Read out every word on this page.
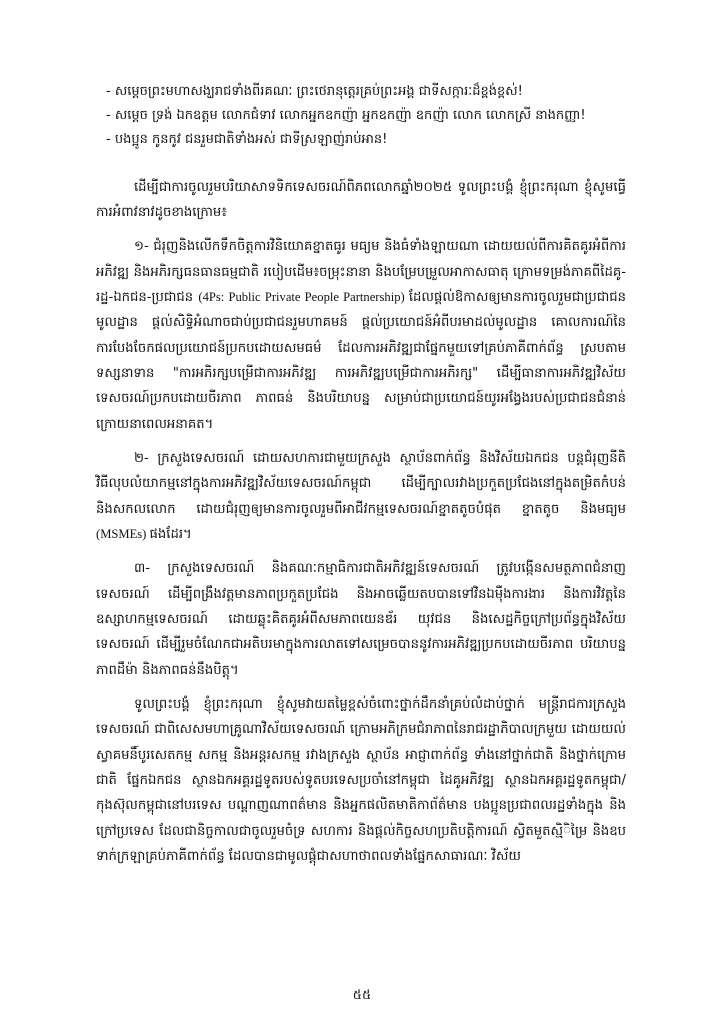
- សម្ដេចព្រះមហាសង្ឃរាជទាំងពីរគណៈ ព្រះថេរានុត្តេរគ្រប់ព្រះអង្គ ជាទីសក្ការៈដ៏ខ្ពង់ខ្ពស់!
- សម្ដេច ទ្រង់ ឯកឧត្តម លោកជំទាវ លោកអ្នកឧកញ៉ា អ្នកឧកញ៉ា ឧកញ៉ា លោក លោកស្រី នាងកញ្ញា!
- បងប្អូន កូនកូវ ជនរួមជាតិទាំងអស់ ជាទីស្រឡាញ់រាប់អាន!

ដើម្បីជាការចូលរួមបរិយាសាទទិកទេសចរណ៍ពិភពលោកឆ្នាំ២០២៥ ទូលព្រះបង្គំ ខ្ញុំព្រះករុណា ខ្ញុំសូមធ្វើការអំពាវនាវដូចខាងក្រោម៖

១- ជំរុញនិងលើកទឹកចិត្តការវិនិយោគខ្នាតធូរ មធ្យម និងធំទាំងឡាយណា ដោយយល់ពីការគិតគូរអំពីការអភិវឌ្ឍ និងអភិរក្សធនធានធម្មជាតិ របៀបដើម៖ចម្រុះនានា និងបម្រែបម្រួលអាកាសធាតុ ក្រោមទម្រង់ភាគពីដៃគូ-រដ្ឋ-ឯកជន-ប្រជាជន (4Ps: Public Private People Partnership) ដែលផ្ដល់ឱកាសឲ្យមានការចូលរួមជាប្រជាជនមូលដ្ឋាន ផ្ដល់សិទ្ធិអំណាចជាប់ប្រជាជនរួមហាគមន៍ ផ្ដល់ប្រយោជន៍អំពីបរមាដល់មូលដ្ឋាន គោលការណ៍នៃការបែងចែកផលប្រយោជន៍ប្រកបដោយសមធម៌ ដែលការអភិវឌ្ឍជាផ្នែកមួយទៅគ្រប់ភាគីពាក់ព័ន្ធ ស្របតាមទស្សនាទាន "ការអភិរក្សបម្រើជាការអភិវឌ្ឍ ការអភិវឌ្ឍបម្រើជាការអភិរក្ស" ដើម្បីធានាការអភិវឌ្ឍវិស័យទេសចរណ៍ប្រកបដោយចីរភាព ភាពធន់ និងបរិយាបន្ន សម្រាប់ជាប្រយោជន៍យូរអង្វែងរបស់ប្រជាជនជំនាន់ក្រោយនាពេលអនាគត។

២- ក្រសួងទេសចរណ៍ ដោយសហការជាមួយក្រសួង ស្ថាប័នពាក់ព័ន្ធ និងវិស័យឯកជន បន្តជំរុញនីតិវិធីលុបលំយាកម្មនៅក្នុងការអភិវឌ្ឍវិស័យទេសចរណ៍កម្ពុជា ដើម្បីក្បាលរវាងប្រកួតប្រជែងនៅក្នុងតម្រិតកំបន់ និងសកលលោក ដោយជំរុញឲ្យមានការចូលរួមពីអាជីវកម្មទេសចរណ៍ខ្នាតតូចបំផុត ខ្នាតតូច និងមធ្យម (MSMEs) ផងដែរ។

៣- ក្រសួងទេសចរណ៍ និងគណៈកម្មាធិការជាតិអភិវឌ្ឍន៍ទេសចរណ៍ ត្រូវបង្កើនសមត្ថភាពជំនាញទេសចរណ៍ ដើម្បីពង្រឹងវត្តមានភាពប្រកួតប្រជែង និងអាចឆ្លើយតបបានទៅវិនឯម៉ឺងការងារ និងការវិវត្តនៃឧស្សាហកម្មទេសចរណ៍ ដោយឆ្លុះគិតគូរអំពីសមភាពយេនឌ័រ យុវជន និងសេដ្ឋកិច្ចក្រៅប្រព័ន្ធក្នុងវិស័យទេសចរណ៍ ដើម្បីរួមចំណែកជាអតិបរមាក្នុងការលាតទៅសម្រេចបាននូវការអភិវឌ្ឍប្រកបដោយចីរភាព បរិយាបន្ន ភាពដឹម៉ា និងភាពធន់នឹងបិត្តុ។

ទូលព្រះបង្គំ ខ្ញុំព្រះករុណា ខ្ញុំសូមវាយតម្លៃខ្ពស់ចំពោះថ្នាក់ដឹកនាំគ្រប់លំដាប់ថ្នាក់ មន្ត្រីរាជការក្រសួងទេសចរណ៍ ជាពិសេសមហាគ្រូណាវិស័យទេសចរណ៍ ក្រោមអភិក្រមជំរាភាពនៃរាជរដ្ឋាភិបាលក្រមួយ ដោយយល់ស្វាគមនិ៍បូរសេតកម្ម សកម្ម និងអន្តរសកម្ម រវាងក្រសួង ស្ថាប័ន អាជ្ញាពាក់ព័ន្ធ ទាំងនៅថ្នាក់ជាតិ និងថ្នាក់ក្រោមជាតិ ផ្នែកឯកជន ស្ថានឯកអគ្គរដ្ឋទូតរបស់ទូតបរទេសប្រចាំនៅកម្ពុជា ដៃគូអភិវឌ្ឍ ស្ថានឯកអគ្គរដ្ឋទូតកម្ពុជា/កុងស៊ុលកម្ពុជានៅបរទេស បណ្ដាញណាពត៌មាន និងអ្នកផលិតមាតិកាព័ត៌មាន បងប្អូនប្រជាពលរដ្ឋទាំងក្នុង និងក្រៅប្រទេស ដែលជានិច្ចកាលជាចូលរួមចំទ្រ សហការ និងផ្ដល់កិច្ចសហប្រតិបត្តិការណ៍ ស្វិតមួតសិ្មិម្រៃ និងឧបទាក់ក្រឡាគ្រប់ភាគីពាក់ព័ន្ធ ដែលបានជាមូលផ្តុំជាសហាថាពលទាំងផ្នែកសាធារណៈ វិស័យ

៥៥
